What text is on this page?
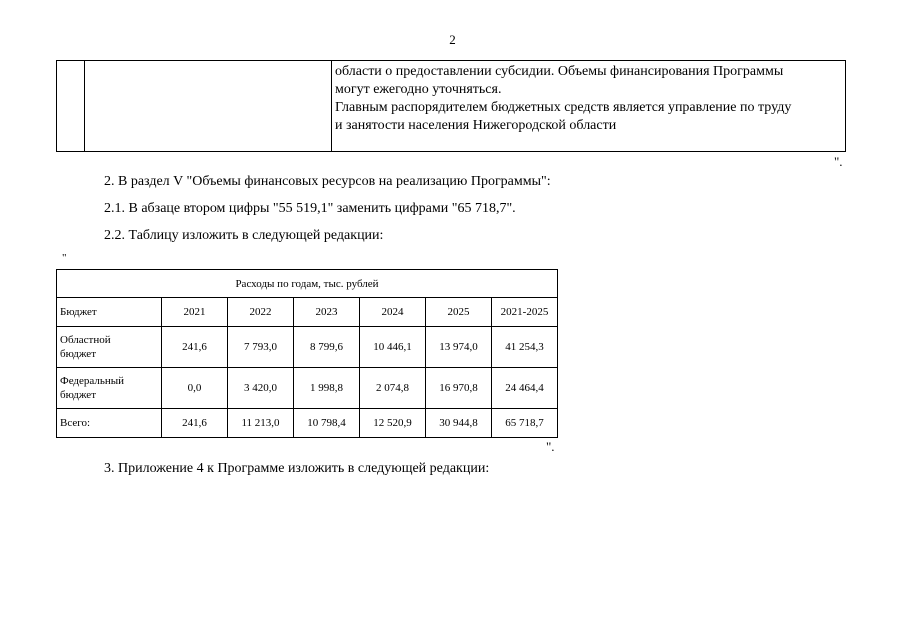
2
области о предоставлении субсидии. Объемы финансирования Программы
могут ежегодно уточняться.
Главным распорядителем бюджетных средств является управление по труду
и занятости населения Нижегородской области
".
2. В раздел V "Объемы финансовых ресурсов на реализацию Программы":
2.1. В абзаце втором цифры "55 519,1" заменить цифрами "65 718,7".
2.2. Таблицу изложить в следующей редакции:
"
Расходы по годам, тыс. рублей						
Бюджет	2021	2022	2023	2024	2025	2021-2025

Областной
бюджет	241,6	7 793,0	8 799,6	10 446,1	13 974,0	41 254,3

Федеральный
бюджет	0,0	3 420,0	1 998,8	2 074,8	16 970,8	24 464,4
Всего:	241,6	11 213,0	10 798,4	12 520,9	30 944,8	65 718,7
".
3. Приложение 4 к Программе изложить в следующей редакции:
